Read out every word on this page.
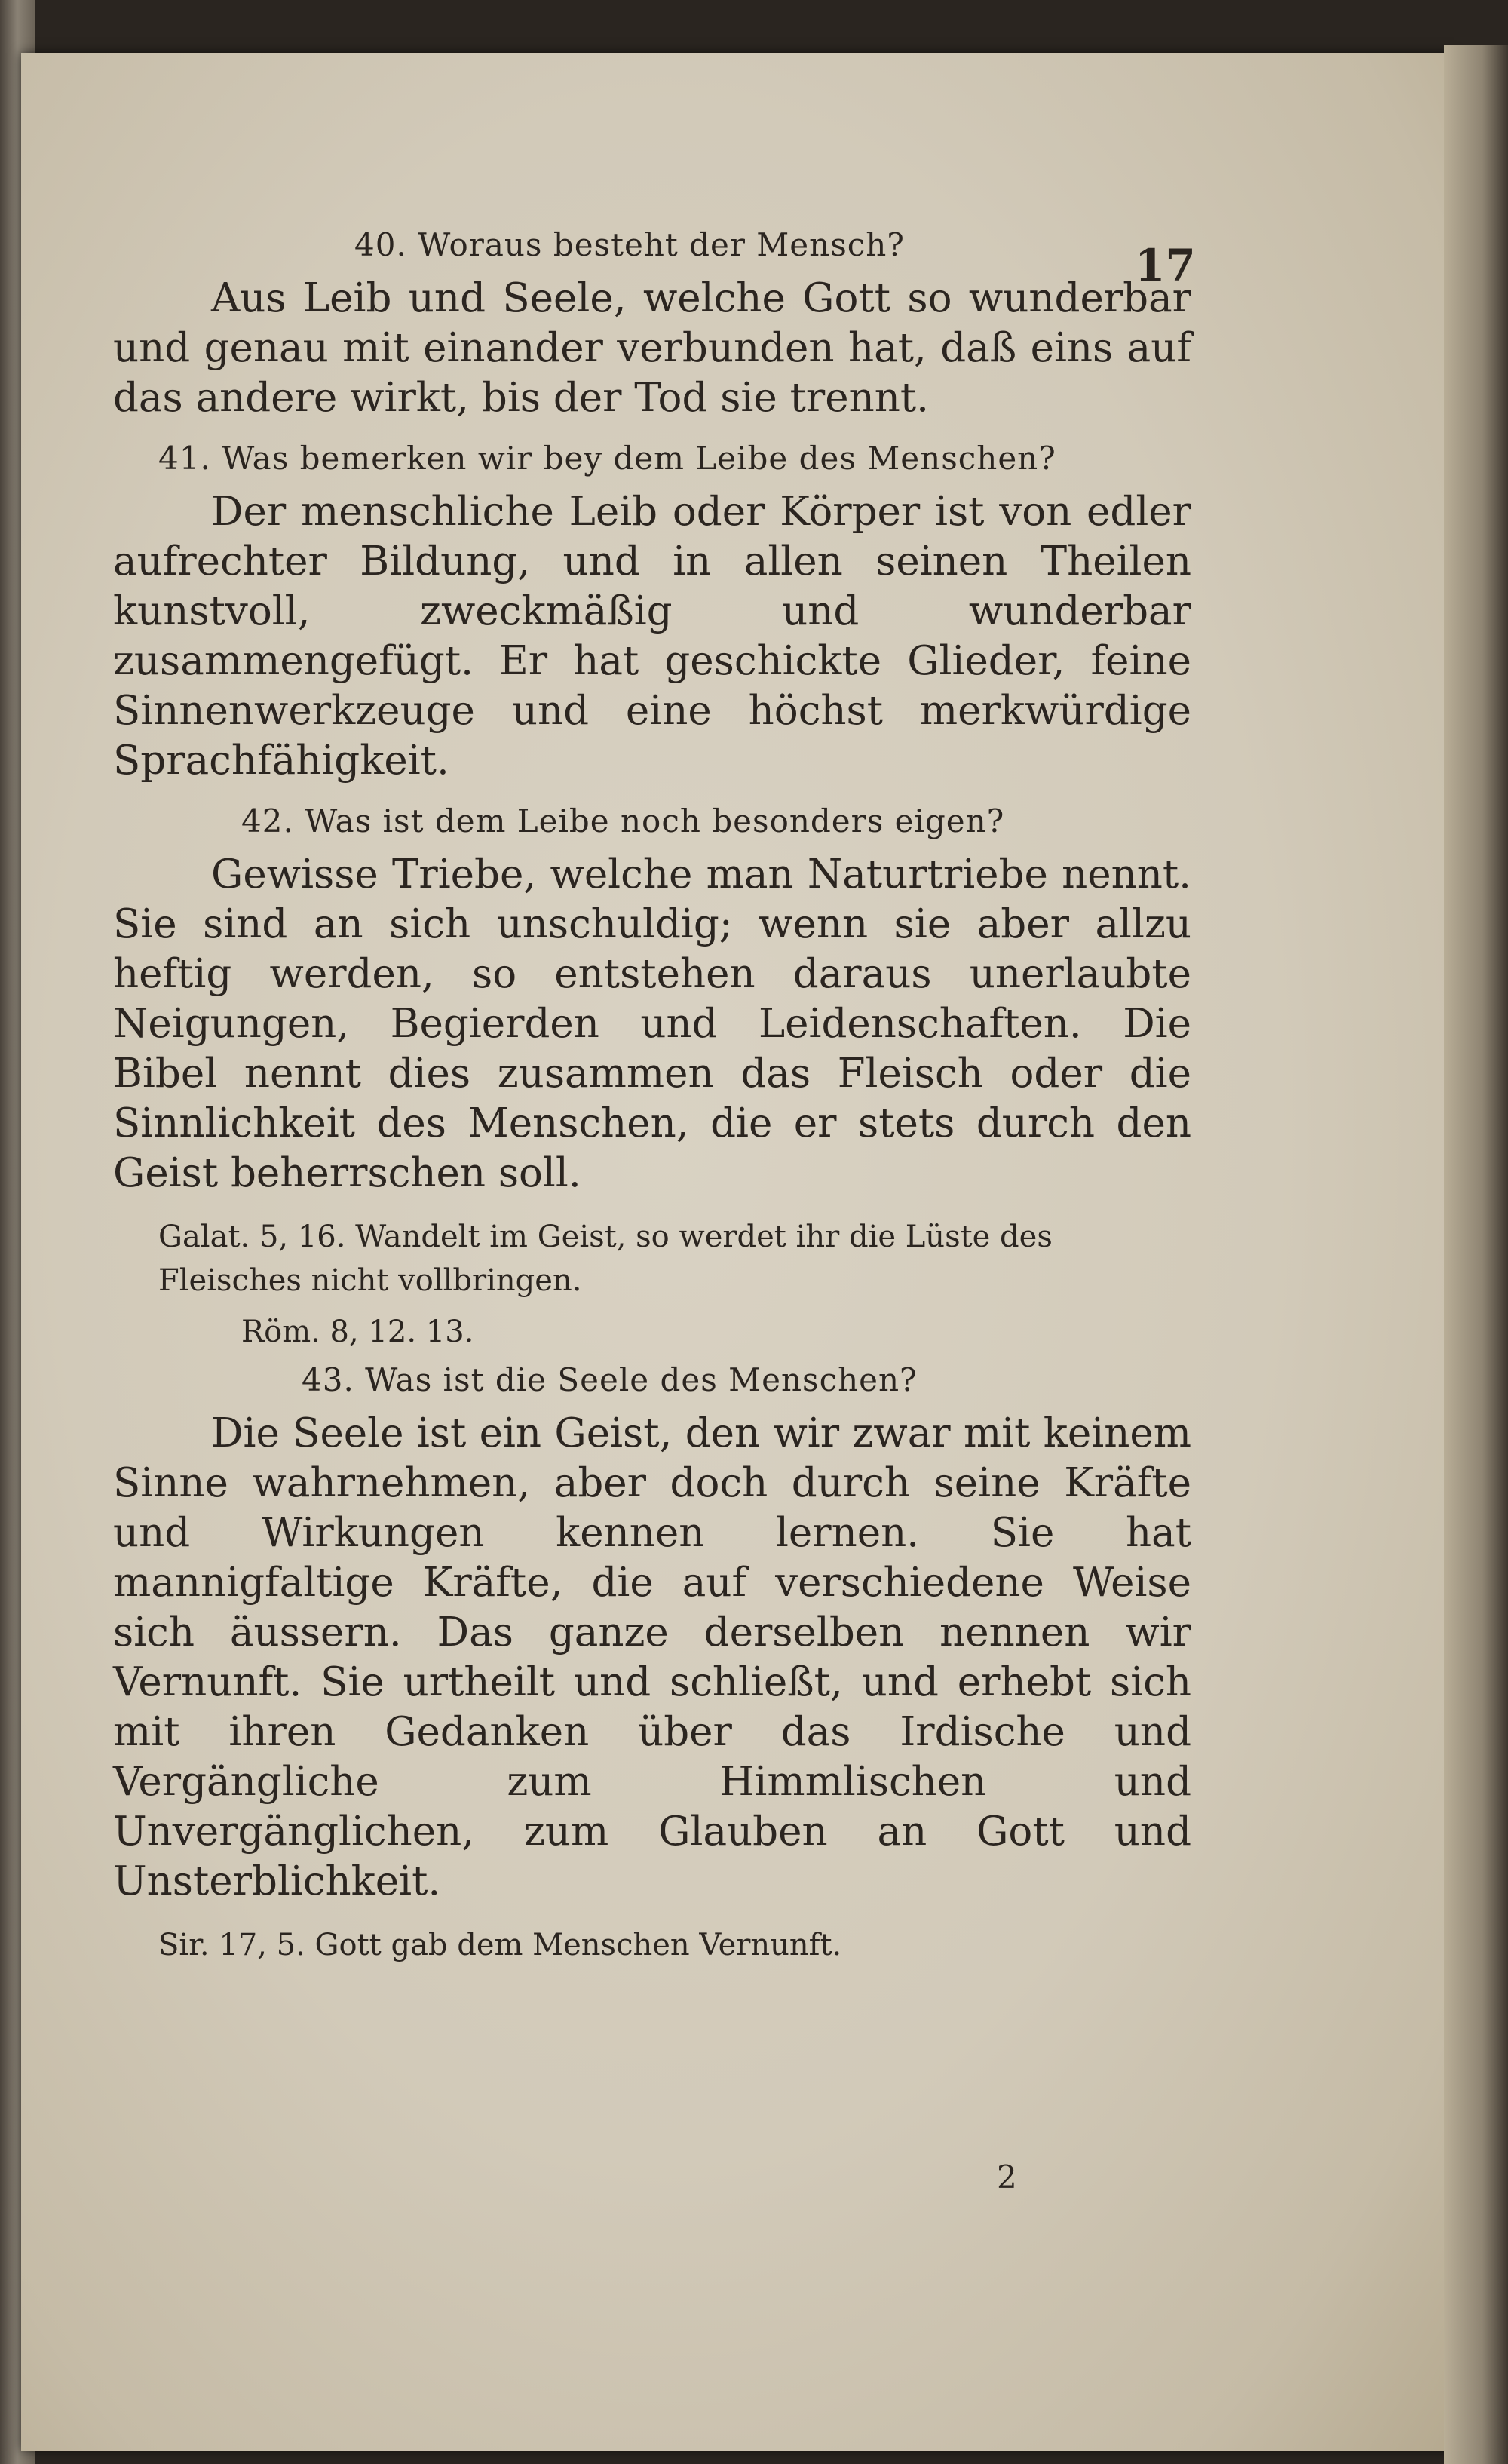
17

40. Woraus besteht der Mensch?

Aus Leib und Seele, welche Gott so wunderbar und genau mit einander verbunden hat, daß eins auf das andere wirkt, bis der Tod sie trennt.

41. Was bemerken wir bey dem Leibe des Menschen?

Der menschliche Leib oder Körper ist von edler aufrechter Bildung, und in allen seinen Theilen kunstvoll, zweckmäßig und wunderbar zusammengefügt. Er hat geschickte Glieder, feine Sinnenwerkzeuge und eine höchst merkwürdige Sprachfähigkeit.

42. Was ist dem Leibe noch besonders eigen?

Gewisse Triebe, welche man Naturtriebe nennt. Sie sind an sich unschuldig; wenn sie aber allzu heftig werden, so entstehen daraus unerlaubte Neigungen, Begierden und Leidenschaften. Die Bibel nennt dies zusammen das Fleisch oder die Sinnlichkeit des Menschen, die er stets durch den Geist beherrschen soll.

Galat. 5, 16. Wandelt im Geist, so werdet ihr die Lüste des Fleisches nicht vollbringen.

Röm. 8, 12. 13.

43. Was ist die Seele des Menschen?

Die Seele ist ein Geist, den wir zwar mit keinem Sinne wahrnehmen, aber doch durch seine Kräfte und Wirkungen kennen lernen. Sie hat mannigfaltige Kräfte, die auf verschiedene Weise sich äussern. Das ganze derselben nennen wir Vernunft. Sie urtheilt und schließt, und erhebt sich mit ihren Gedanken über das Irdische und Vergängliche zum Himmlischen und Unvergänglichen, zum Glauben an Gott und Unsterblichkeit.

Sir. 17, 5. Gott gab dem Menschen Vernunft.

2
